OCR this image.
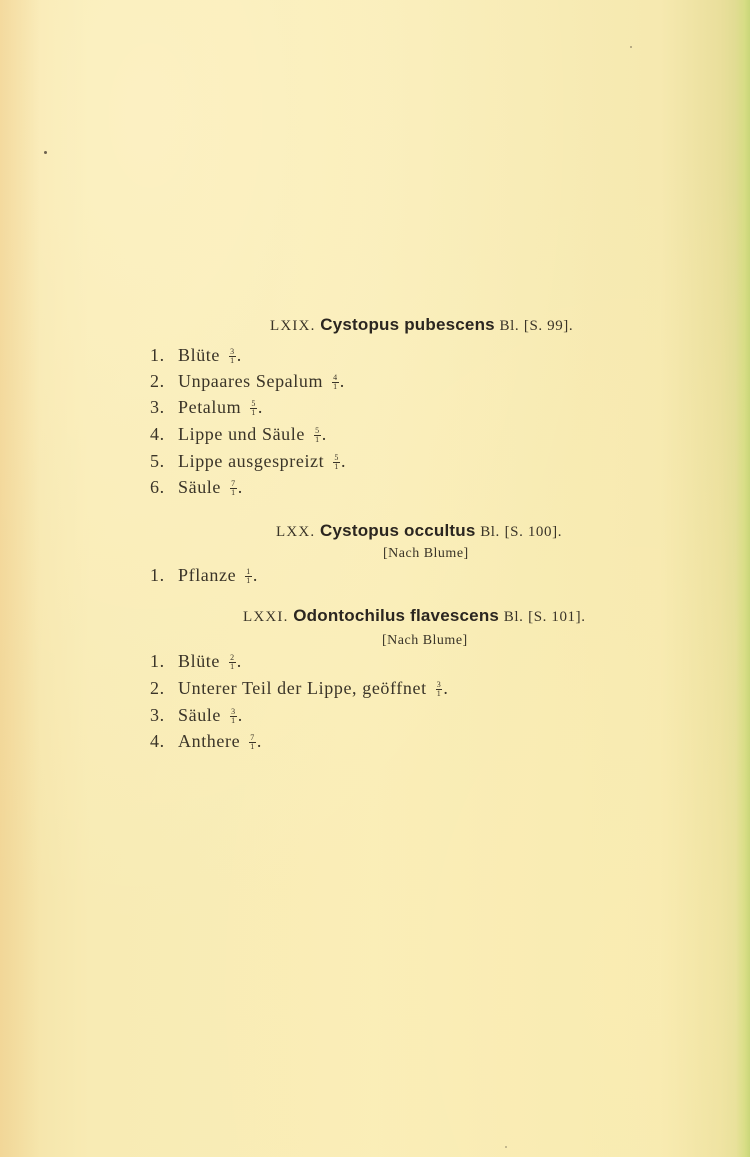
LXIX. Cystopus pubescens Bl. [S. 99].
1. Blüte $\frac{3}{1}$ .
2. Unpaares Sepalum $\frac{4}{1}$ .
3. Petalum $\frac{5}{1}$ .
4. Lippe und Säule $\frac{5}{1}$ .
5. Lippe ausgespreizt $\frac{5}{1}$ .
6. Säule $\frac{7}{1}$ .
LXX. Cystopus occultus Bl. [S. 100].
[Nach Blume]
1. Pflanze $\frac{1}{1}$ .
LXXI. Odontochilus flavescens Bl. [S. 101].
[Nach Blume]
1. Blüte $\frac{2}{1}$ .
2. Unterer Teil der Lippe, geöffnet $\frac{3}{1}$ .
3. Säule $\frac{3}{1}$ .
4. Anthere $\frac{7}{1}$ .
